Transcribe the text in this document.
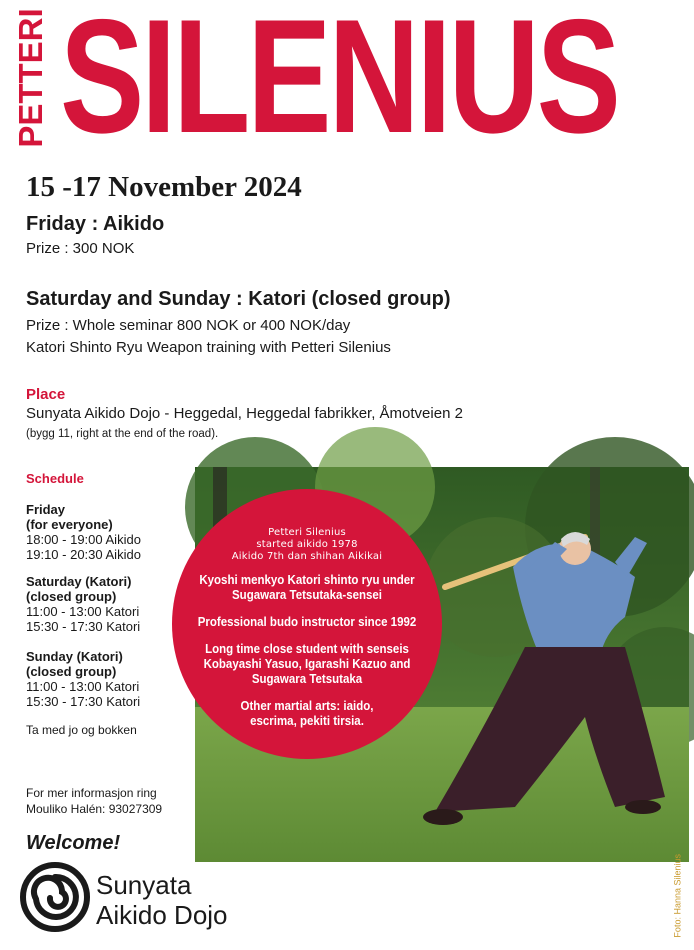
PETTERI SILENIUS
15 -17 November 2024
Friday : Aikido
Prize : 300 NOK
Saturday and Sunday : Katori (closed group)
Prize : Whole seminar 800 NOK or 400 NOK/day
Katori Shinto Ryu Weapon training with Petteri Silenius
Place
Sunyata Aikido Dojo - Heggedal, Heggedal fabrikker, Åmotveien 2
(bygg 11, right at the end of the road).
Schedule
Friday
(for everyone)
18:00 - 19:00 Aikido
19:10 - 20:30 Aikido
Saturday (Katori)
(closed group)
11:00 - 13:00 Katori
15:30 - 17:30 Katori
Sunday (Katori)
(closed group)
11:00 - 13:00 Katori
15:30 - 17:30 Katori
Ta med jo og bokken
For mer informasjon ring
Mouliko Halén: 93027309
Welcome!
Foto: Hanna Silenius
Petteri Silenius
started aikido 1978
Aikido 7th dan shihan Aikikai
Kyoshi menkyo Katori shinto ryu under
Sugawara Tetsutaka-sensei
Professional budo instructor since 1992
Long time close student with senseis
Kobayashi Yasuo, Igarashi Kazuo and
Sugawara Tetsutaka
Other martial arts: iaido,
escrima, pekiti tirsia.
Sunyata
Aikido Dojo
